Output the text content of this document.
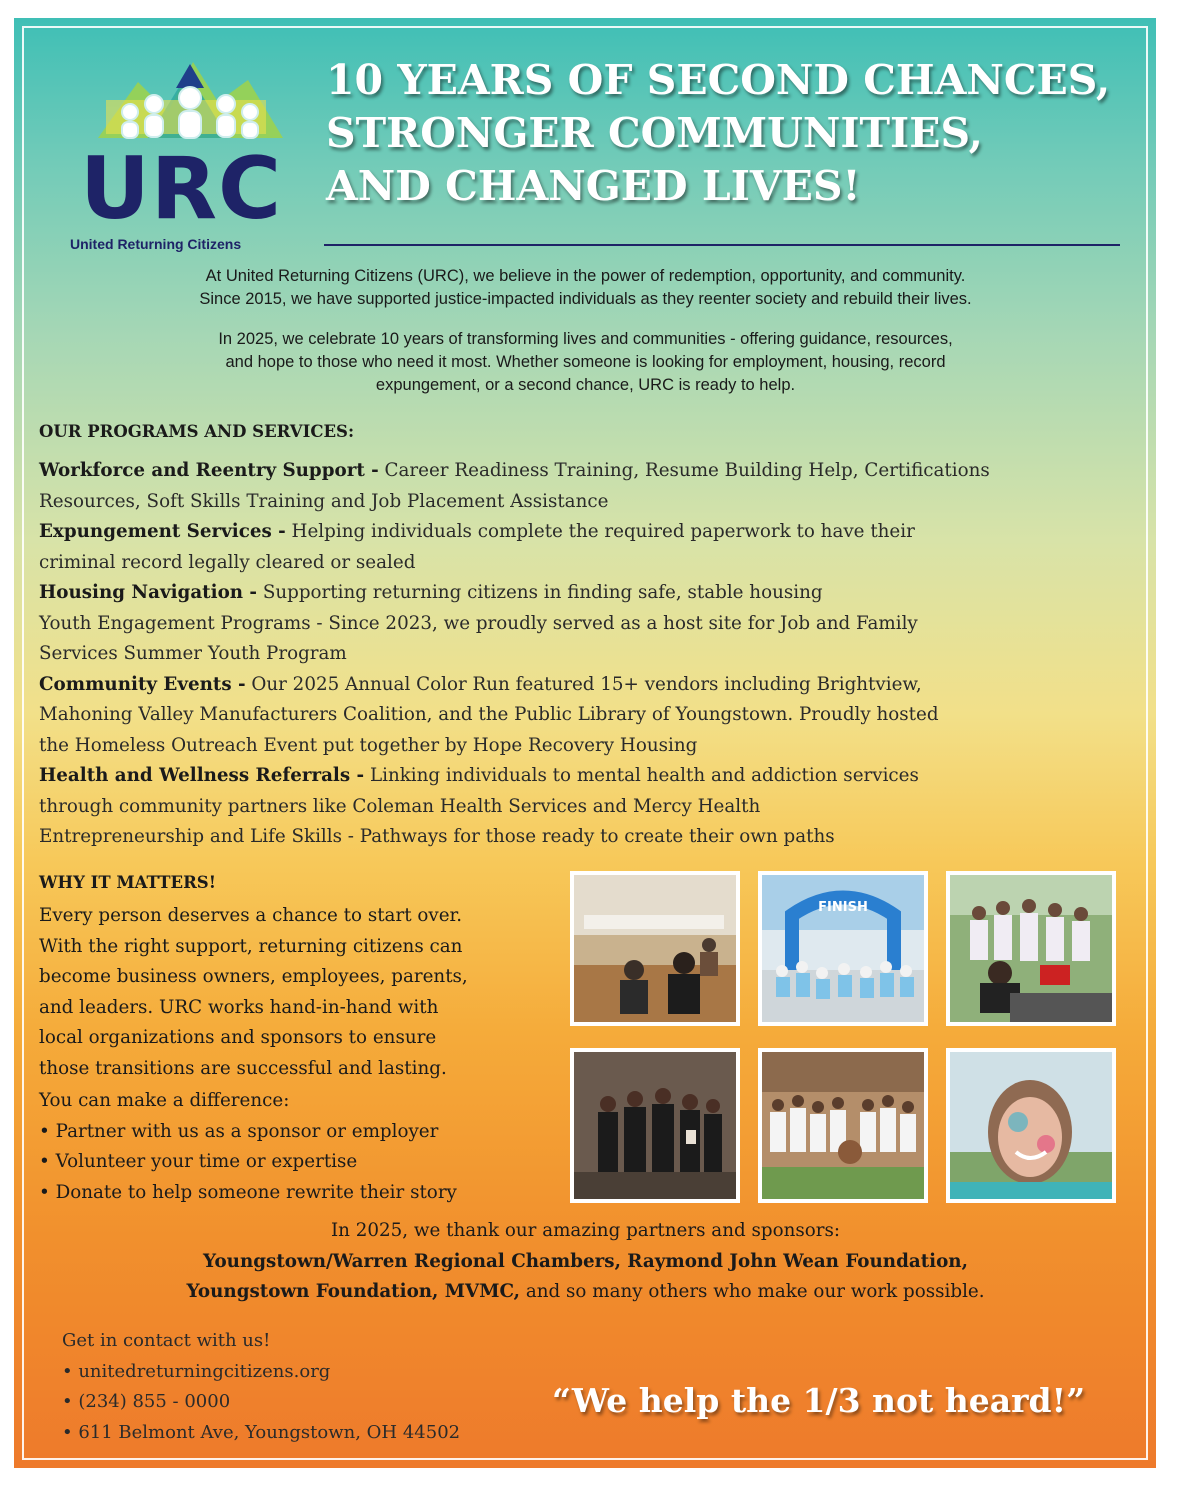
URC
United Returning Citizens
10 YEARS OF SECOND CHANCES,
STRONGER COMMUNITIES,
AND CHANGED LIVES!
At United Returning Citizens (URC), we believe in the power of redemption, opportunity, and community.
Since 2015, we have supported justice-impacted individuals as they reenter society and rebuild their lives.
In 2025, we celebrate 10 years of transforming lives and communities - offering guidance, resources,
and hope to those who need it most. Whether someone is looking for employment, housing, record
expungement, or a second chance, URC is ready to help.
OUR PROGRAMS AND SERVICES:

Workforce and Reentry Support - Career Readiness Training, Resume Building Help, Certifications

Resources, Soft Skills Training and Job Placement Assistance

Expungement Services - Helping individuals complete the required paperwork to have their

criminal record legally cleared or sealed

Housing Navigation - Supporting returning citizens in finding safe, stable housing

Youth Engagement Programs - Since 2023, we proudly served as a host site for Job and Family

Services Summer Youth Program

Community Events - Our 2025 Annual Color Run featured 15+ vendors including Brightview,

Mahoning Valley Manufacturers Coalition, and the Public Library of Youngstown. Proudly hosted

the Homeless Outreach Event put together by Hope Recovery Housing

Health and Wellness Referrals - Linking individuals to mental health and addiction services

through community partners like Coleman Health Services and Mercy Health

Entrepreneurship and Life Skills - Pathways for those ready to create their own paths

WHY IT MATTERS!

Every person deserves a chance to start over.

With the right support, returning citizens can

become business owners, employees, parents,

and leaders. URC works hand-in-hand with

local organizations and sponsors to ensure

those transitions are successful and lasting.

You can make a difference:

• Partner with us as a sponsor or employer

• Volunteer your time or expertise

• Donate to help someone rewrite their story

FINISH
In 2025, we thank our amazing partners and sponsors:
Youngstown/Warren Regional Chambers, Raymond John Wean Foundation,
Youngstown Foundation, MVMC, and so many others who make our work possible.

Get in contact with us!

• unitedreturningcitizens.org

• (234) 855 - 0000

• 611 Belmont Ave, Youngstown, OH 44502

“We help the 1/3 not heard!”
